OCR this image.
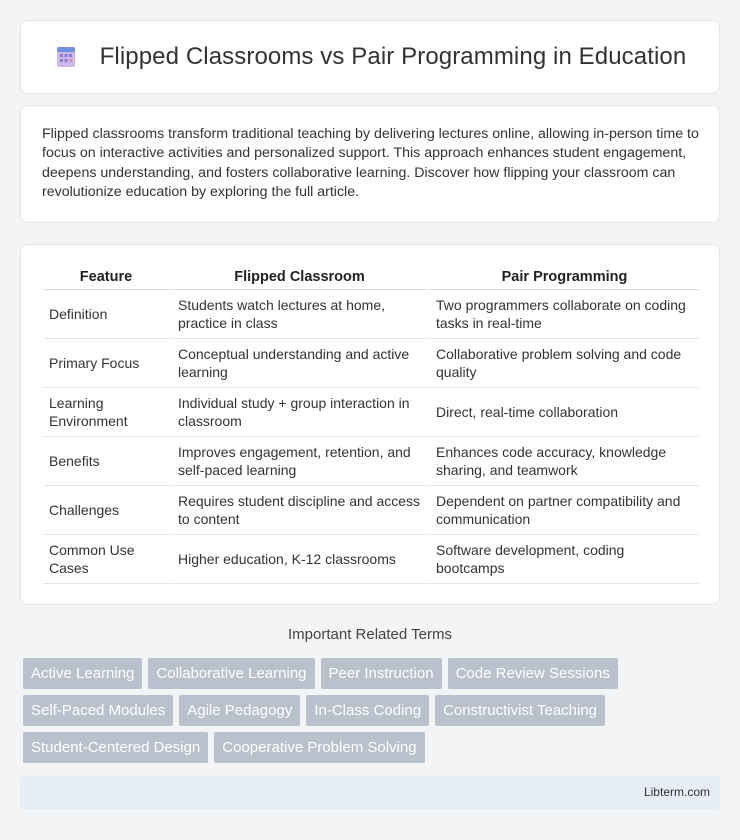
Flipped Classrooms vs Pair Programming in Education

Flipped classrooms transform traditional teaching by delivering lectures online, allowing in-person time to focus on interactive activities and personalized support. This approach enhances student engagement, deepens understanding, and fosters collaborative learning. Discover how flipping your classroom can revolutionize education by exploring the full article.

Feature	Flipped Classroom	Pair Programming
Definition	Students watch lectures at home, practice in class	Two programmers collaborate on coding tasks in real-time
Primary Focus	Conceptual understanding and active learning	Collaborative problem solving and code quality
Learning Environment	Individual study + group interaction in classroom	Direct, real-time collaboration
Benefits	Improves engagement, retention, and self-paced learning	Enhances code accuracy, knowledge sharing, and teamwork
Challenges	Requires student discipline and access to content	Dependent on partner compatibility and communication
Common Use Cases	Higher education, K-12 classrooms	Software development, coding bootcamps
Important Related Terms
Active Learning	Collaborative Learning	Peer Instruction	Code Review Sessions
Self-Paced Modules	Agile Pedagogy	In-Class Coding	Constructivist Teaching
Student-Centered Design	Cooperative Problem Solving
Libterm.com
